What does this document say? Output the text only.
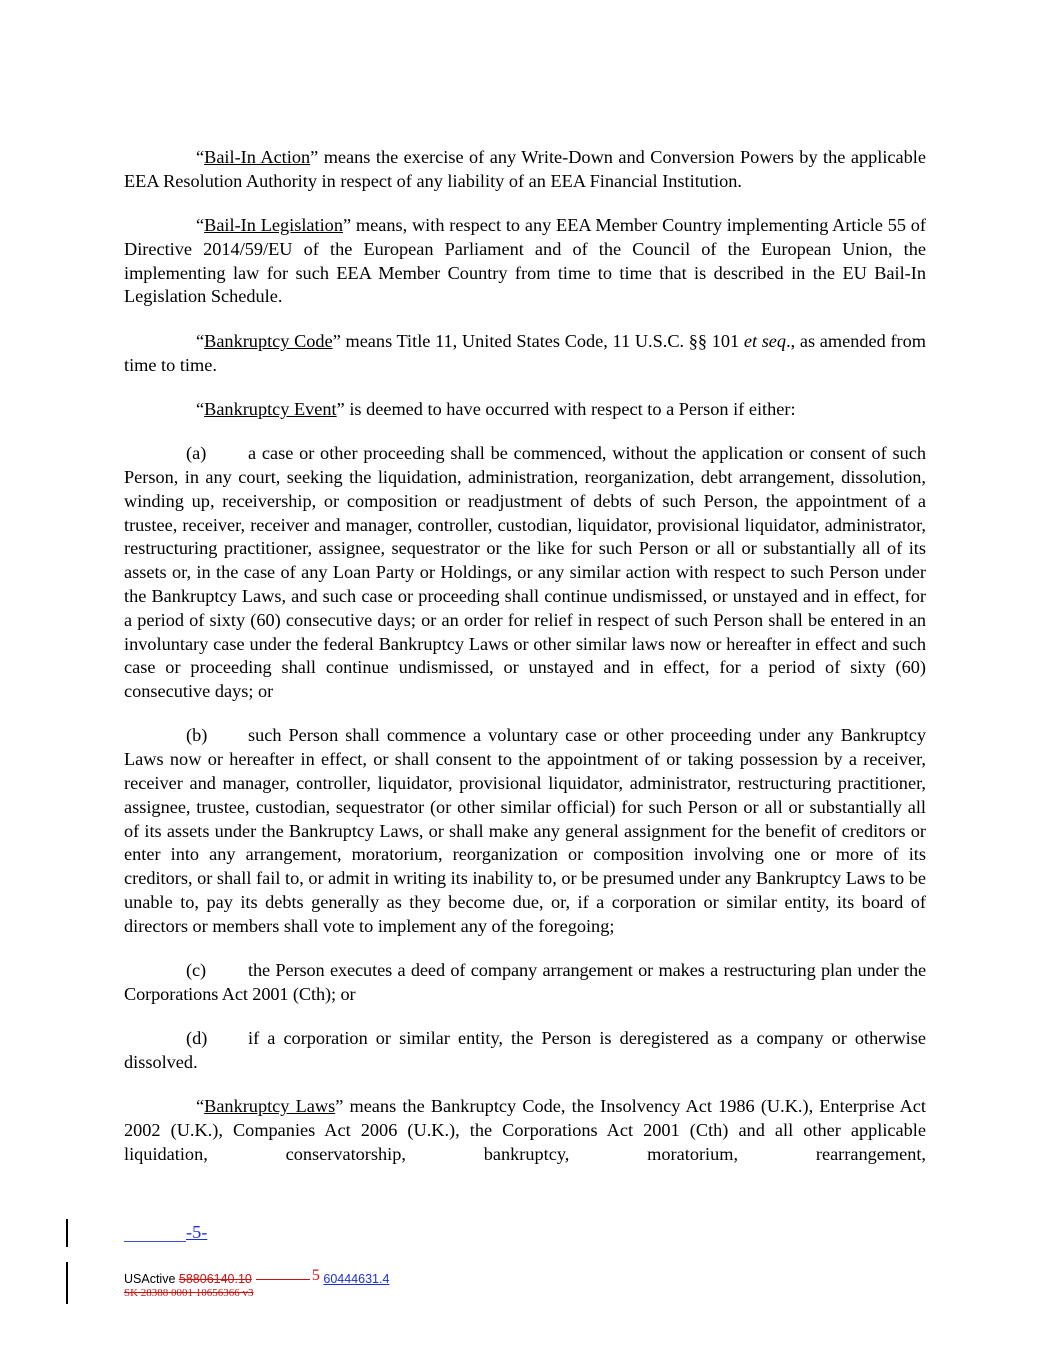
“Bail-In Action” means the exercise of any Write-Down and Conversion Powers by the applicable EEA Resolution Authority in respect of any liability of an EEA Financial Institution.

“Bail-In Legislation” means, with respect to any EEA Member Country implementing Article 55 of Directive 2014/59/EU of the European Parliament and of the Council of the European Union, the implementing law for such EEA Member Country from time to time that is described in the EU Bail-In Legislation Schedule.

“Bankruptcy Code” means Title 11, United States Code, 11 U.S.C. §§ 101 et seq., as amended from time to time.

“Bankruptcy Event” is deemed to have occurred with respect to a Person if either:

(a) a case or other proceeding shall be commenced, without the application or consent of such Person, in any court, seeking the liquidation, administration, reorganization, debt arrangement, dissolution, winding up, receivership, or composition or readjustment of debts of such Person, the appointment of a trustee, receiver, receiver and manager, controller, custodian, liquidator, provisional liquidator, administrator, restructuring practitioner, assignee, sequestrator or the like for such Person or all or substantially all of its assets or, in the case of any Loan Party or Holdings, or any similar action with respect to such Person under the Bankruptcy Laws, and such case or proceeding shall continue undismissed, or unstayed and in effect, for a period of sixty (60) consecutive days; or an order for relief in respect of such Person shall be entered in an involuntary case under the federal Bankruptcy Laws or other similar laws now or hereafter in effect and such case or proceeding shall continue undismissed, or unstayed and in effect, for a period of sixty (60) consecutive days; or

(b) such Person shall commence a voluntary case or other proceeding under any Bankruptcy Laws now or hereafter in effect, or shall consent to the appointment of or taking possession by a receiver, receiver and manager, controller, liquidator, provisional liquidator, administrator, restructuring practitioner, assignee, trustee, custodian, sequestrator (or other similar official) for such Person or all or substantially all of its assets under the Bankruptcy Laws, or shall make any general assignment for the benefit of creditors or enter into any arrangement, moratorium, reorganization or composition involving one or more of its creditors, or shall fail to, or admit in writing its inability to, or be presumed under any Bankruptcy Laws to be unable to, pay its debts generally as they become due, or, if a corporation or similar entity, its board of directors or members shall vote to implement any of the foregoing;

(c) the Person executes a deed of company arrangement or makes a restructuring plan under the Corporations Act 2001 (Cth); or

(d) if a corporation or similar entity, the Person is deregistered as a company or otherwise dissolved.

“Bankruptcy Laws” means the Bankruptcy Code, the Insolvency Act 1986 (U.K.), Enterprise Act 2002 (U.K.), Companies Act 2006 (U.K.), the Corporations Act 2001 (Cth) and all other applicable liquidation, conservatorship, bankruptcy, moratorium, rearrangement,

-5-
USActive 58806140.10	5 60444631.4
SK 28388 0001 10656366 v3
